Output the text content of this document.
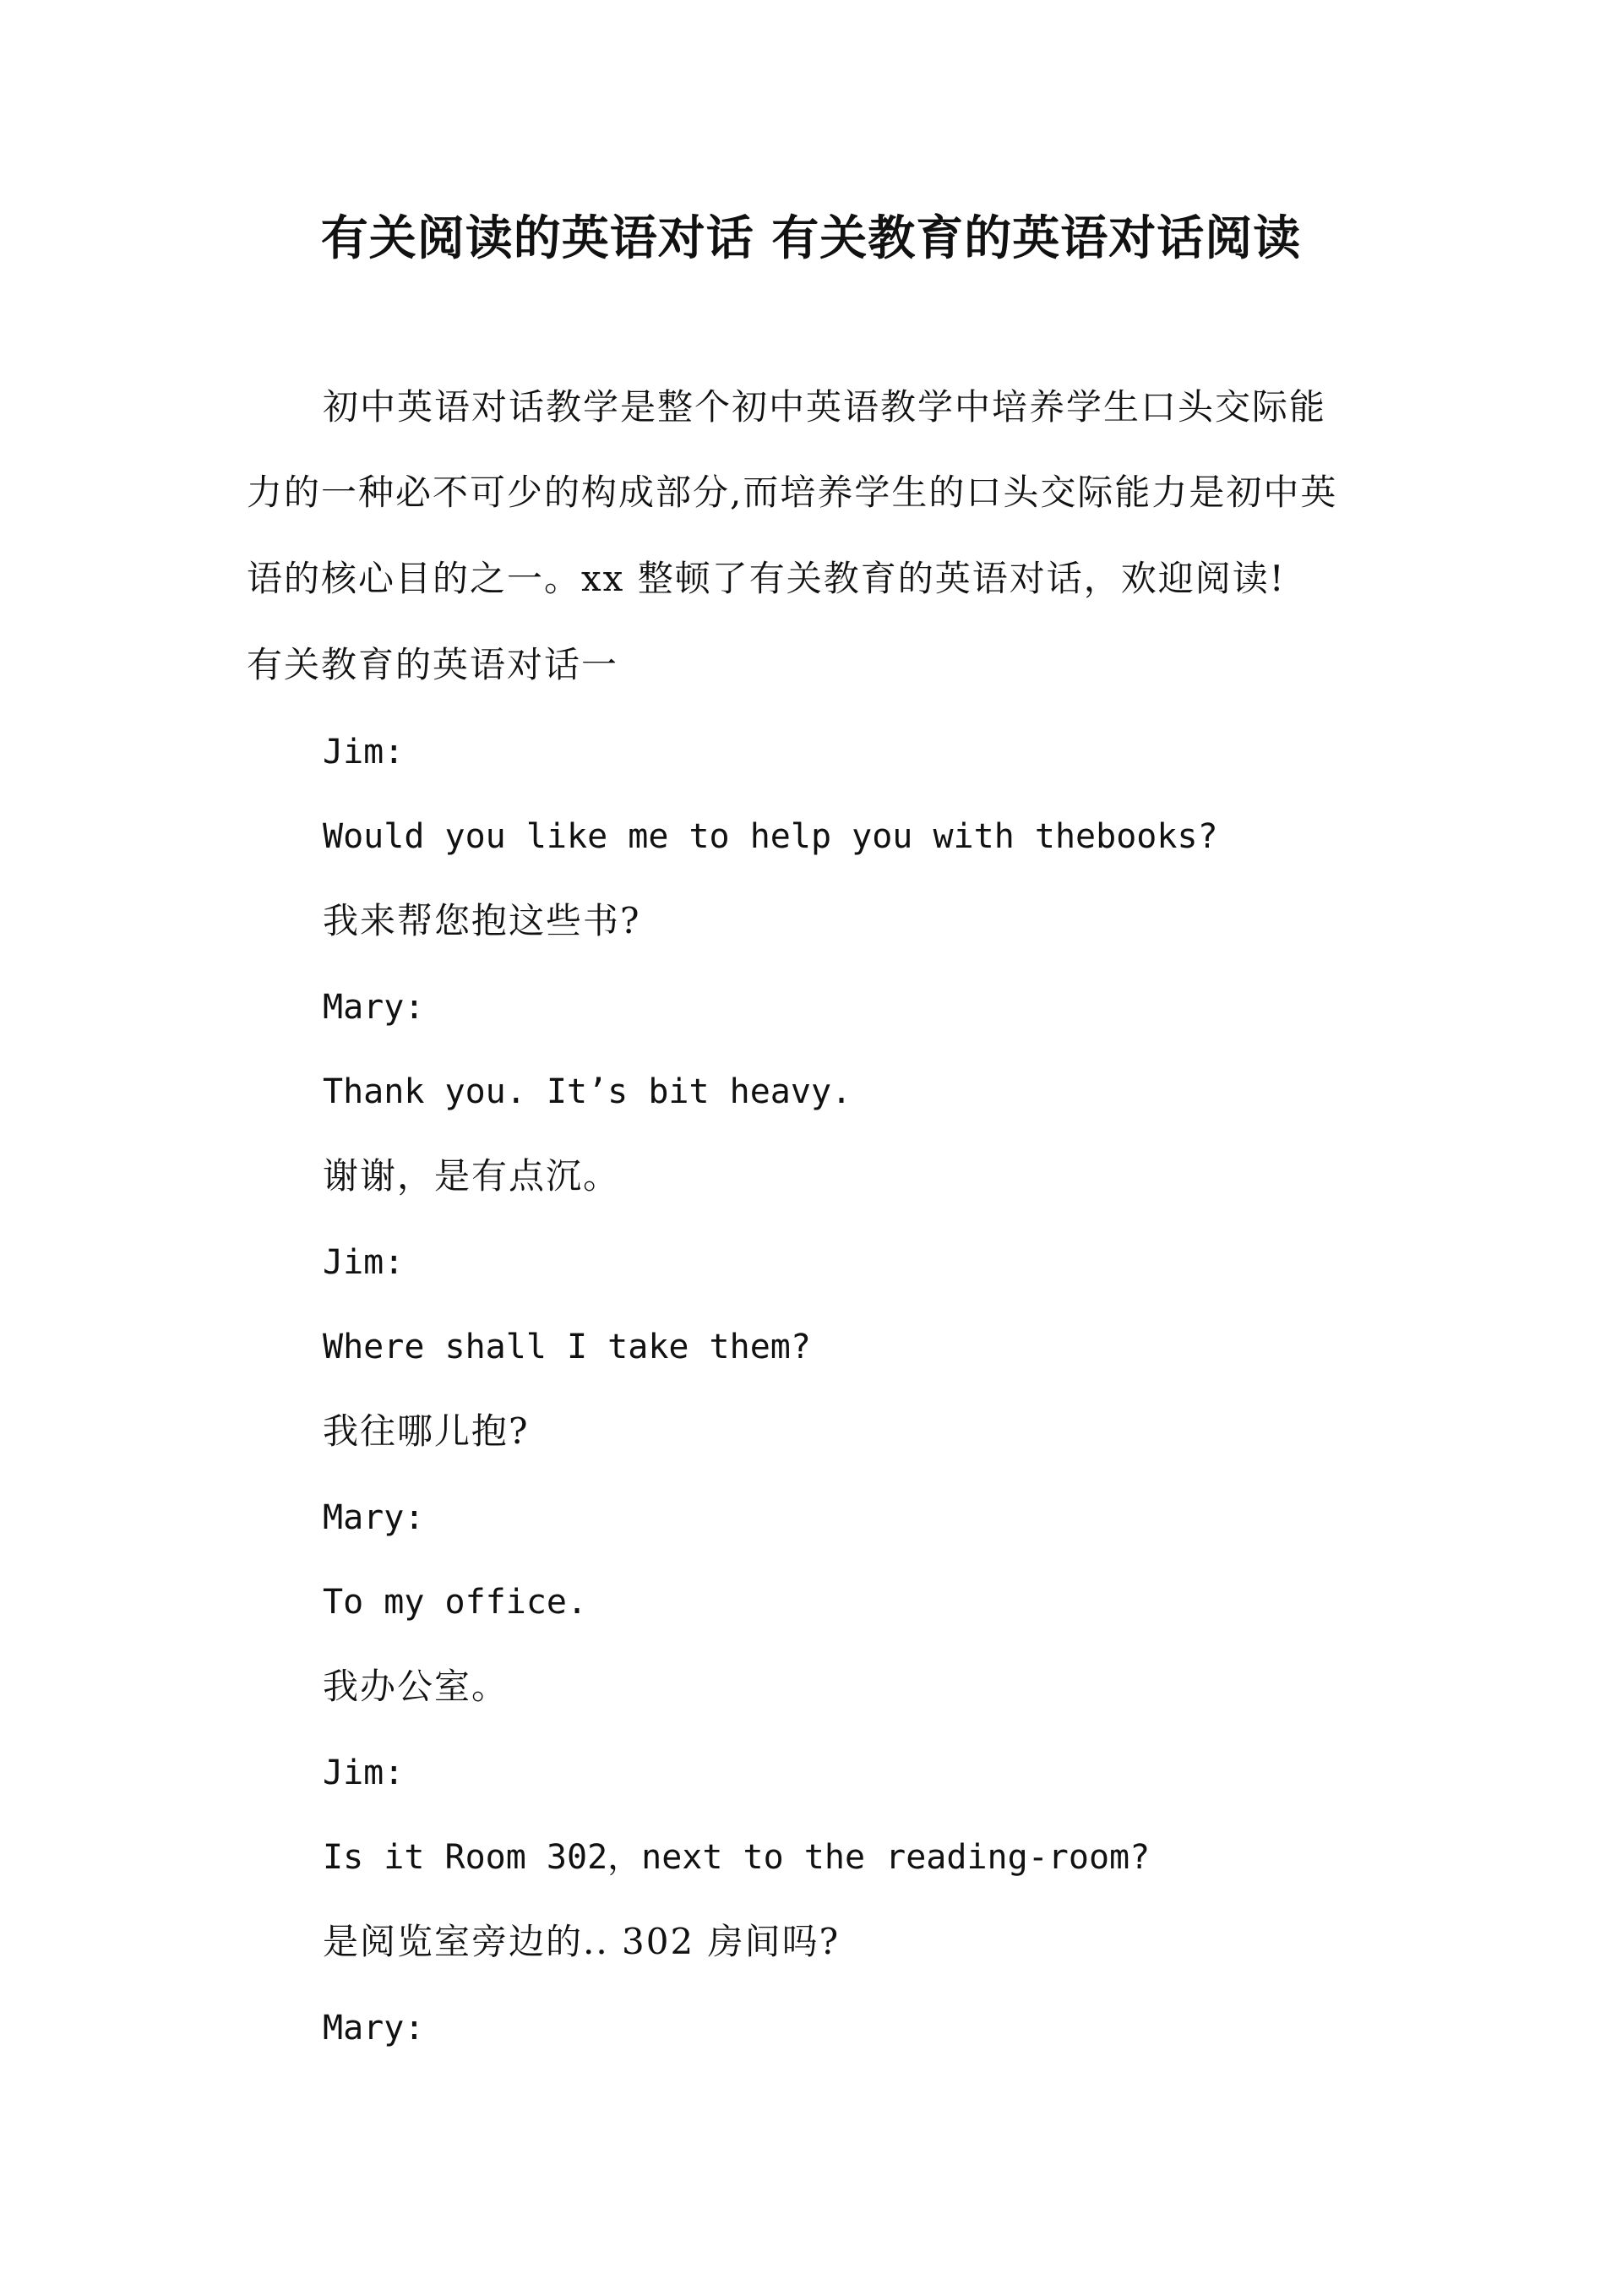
有关阅读的英语对话 有关教育的英语对话阅读

初中英语对话教学是整个初中英语教学中培养学生口头交际能

力的一种必不可少的构成部分,而培养学生的口头交际能力是初中英

语的核心目的之一。xx 整顿了有关教育的英语对话，欢迎阅读!

有关教育的英语对话一

Jim:

Would you like me to help you with thebooks?

我来帮您抱这些书?

Mary:

Thank you. It’s bit heavy.

谢谢，是有点沉。

Jim:

Where shall I take them?

我往哪儿抱?

Mary:

To my office.

我办公室。

Jim:

Is it Room 302，next to the reading-room?

是阅览室旁边的.. 302 房间吗?

Mary:
